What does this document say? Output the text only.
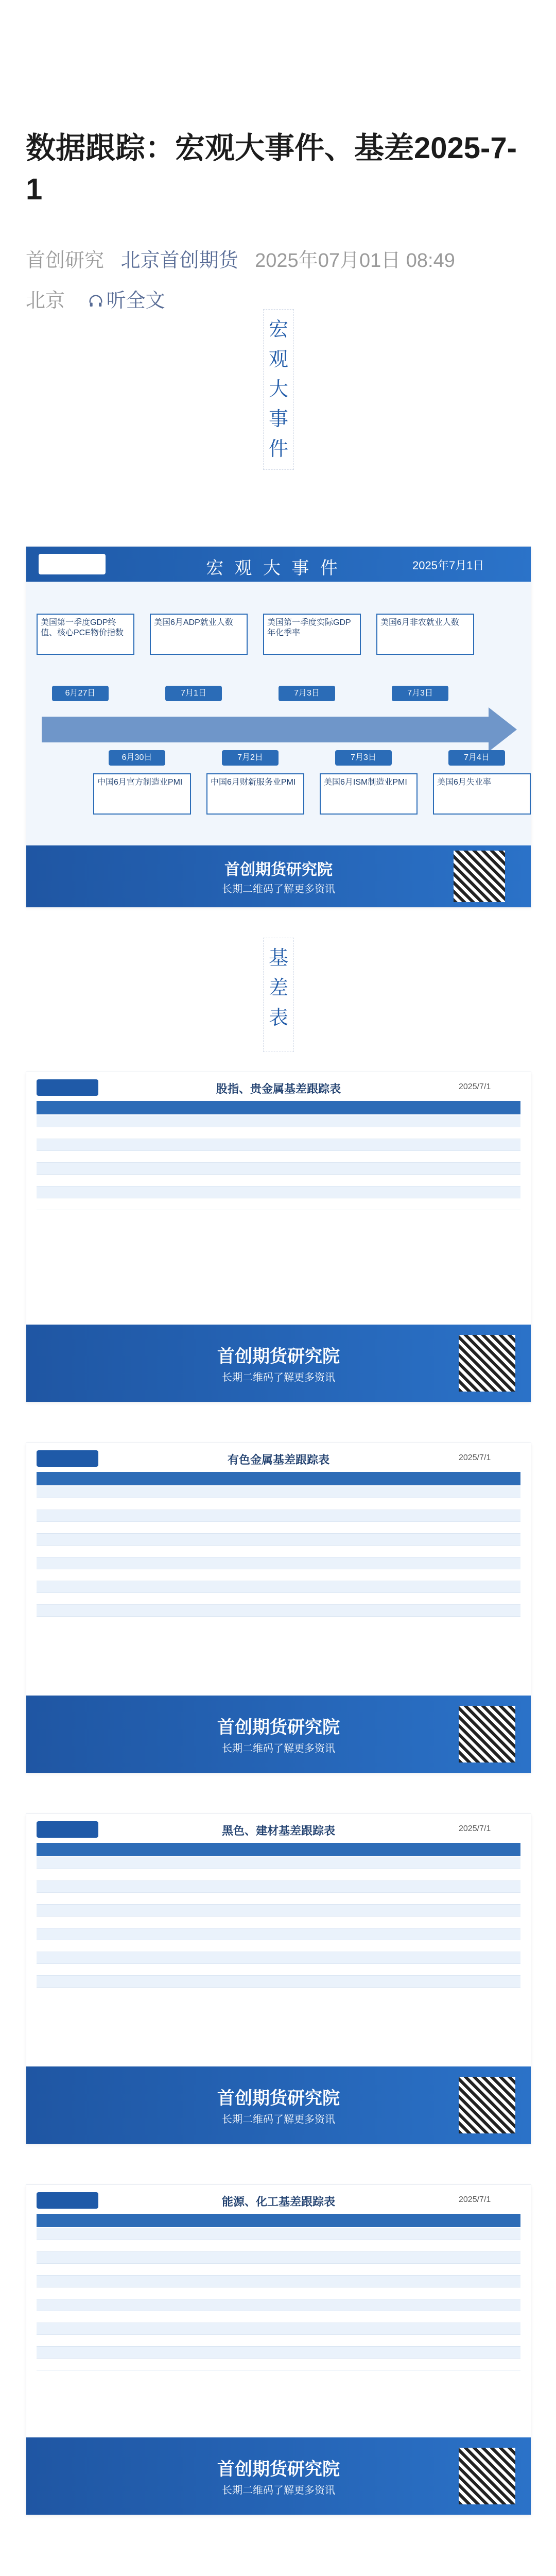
数据跟踪：宏观大事件、基差2025-7-1
首创研究 北京首创期货 2025年07月01日 08:49
北京 听全文
宏
观
大
事
件
宏 观 大 事 件	2025年7月1日
首创期货研究院
长期二维码了解更多资讯
美国第一季度GDP终值、核心PCE物价指数
6月27日
中国6月官方制造业PMI
6月30日
美国6月ADP就业人数
7月1日
中国6月财新服务业PMI
7月2日
美国第一季度实际GDP年化季率
7月3日
美国6月ISM制造业PMI
7月3日
美国6月非农就业人数
7月3日
美国6月失业率
7月4日
基
差
表
股指、贵金属基差跟踪表	2025/7/1
首创期货研究院
长期二维码了解更多资讯
有色金属基差跟踪表	2025/7/1
首创期货研究院
长期二维码了解更多资讯
黑色、建材基差跟踪表	2025/7/1
首创期货研究院
长期二维码了解更多资讯
能源、化工基差跟踪表	2025/7/1
首创期货研究院
长期二维码了解更多资讯
